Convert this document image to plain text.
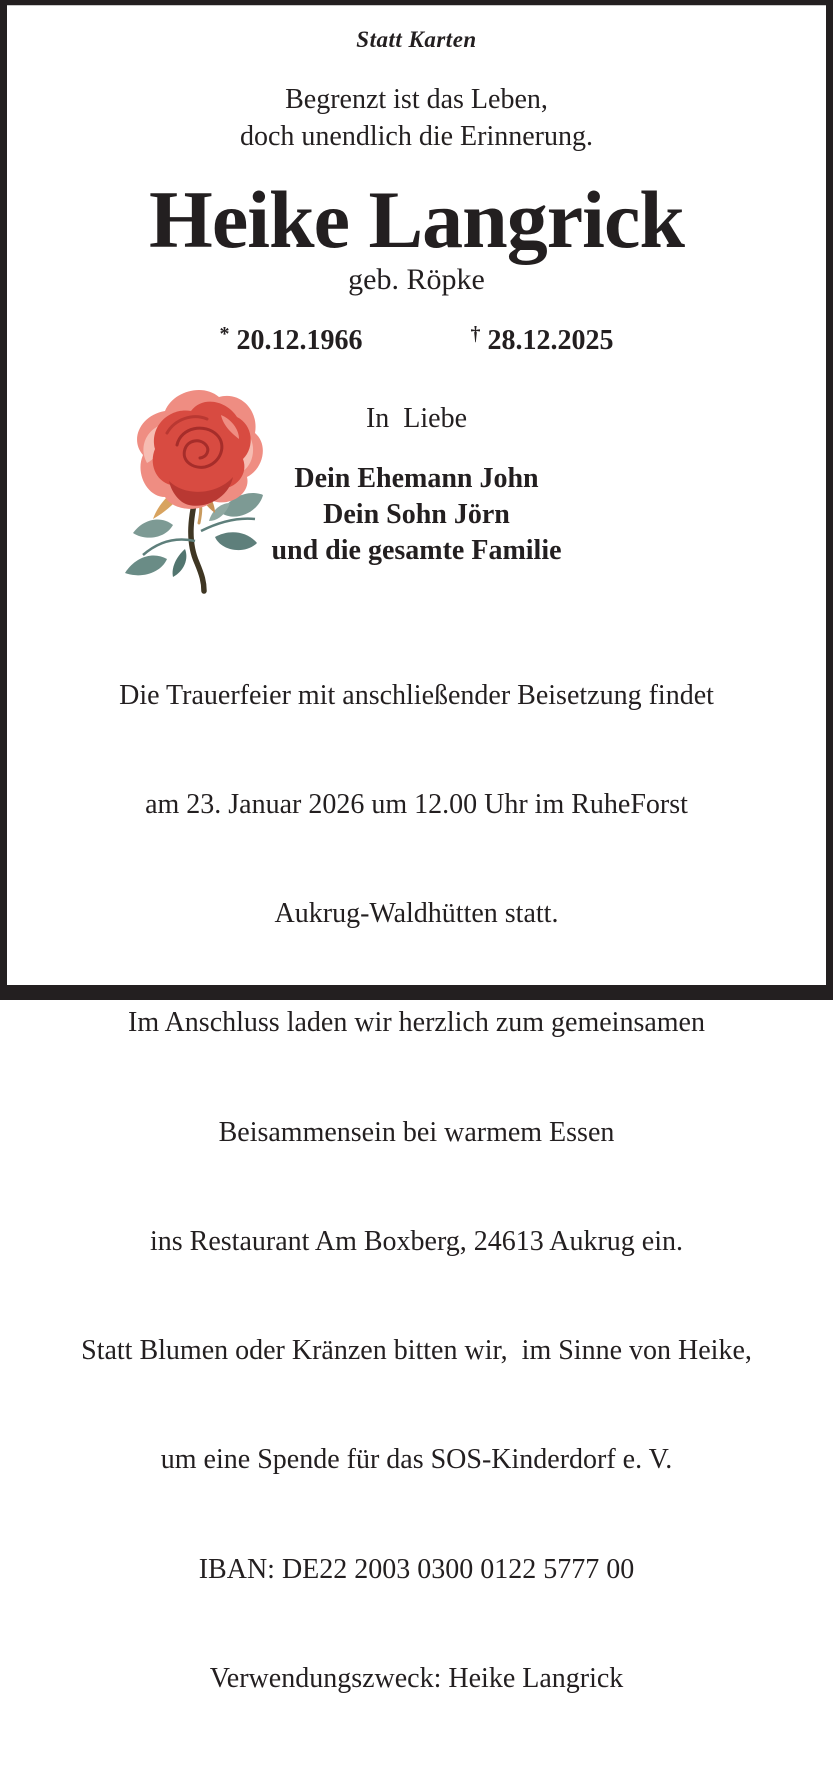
Statt Karten
Begrenzt ist das Leben,
doch unendlich die Erinnerung.
Heike Langrick
geb. Röpke
* 20.12.1966	† 28.12.2025
In  Liebe
Dein Ehemann John
Dein Sohn Jörn
und die gesamte Familie

Die Trauerfeier mit anschließender Beisetzung findet

am 23. Januar 2026 um 12.00 Uhr im RuheForst

Aukrug-Waldhütten statt.

Im Anschluss laden wir herzlich zum gemeinsamen

Beisammensein bei warmem Essen

ins Restaurant Am Boxberg, 24613 Aukrug ein.

Statt Blumen oder Kränzen bitten wir,  im Sinne von Heike,

um eine Spende für das SOS-Kinderdorf e. V.

IBAN: DE22 2003 0300 0122 5777 00

Verwendungszweck: Heike Langrick
